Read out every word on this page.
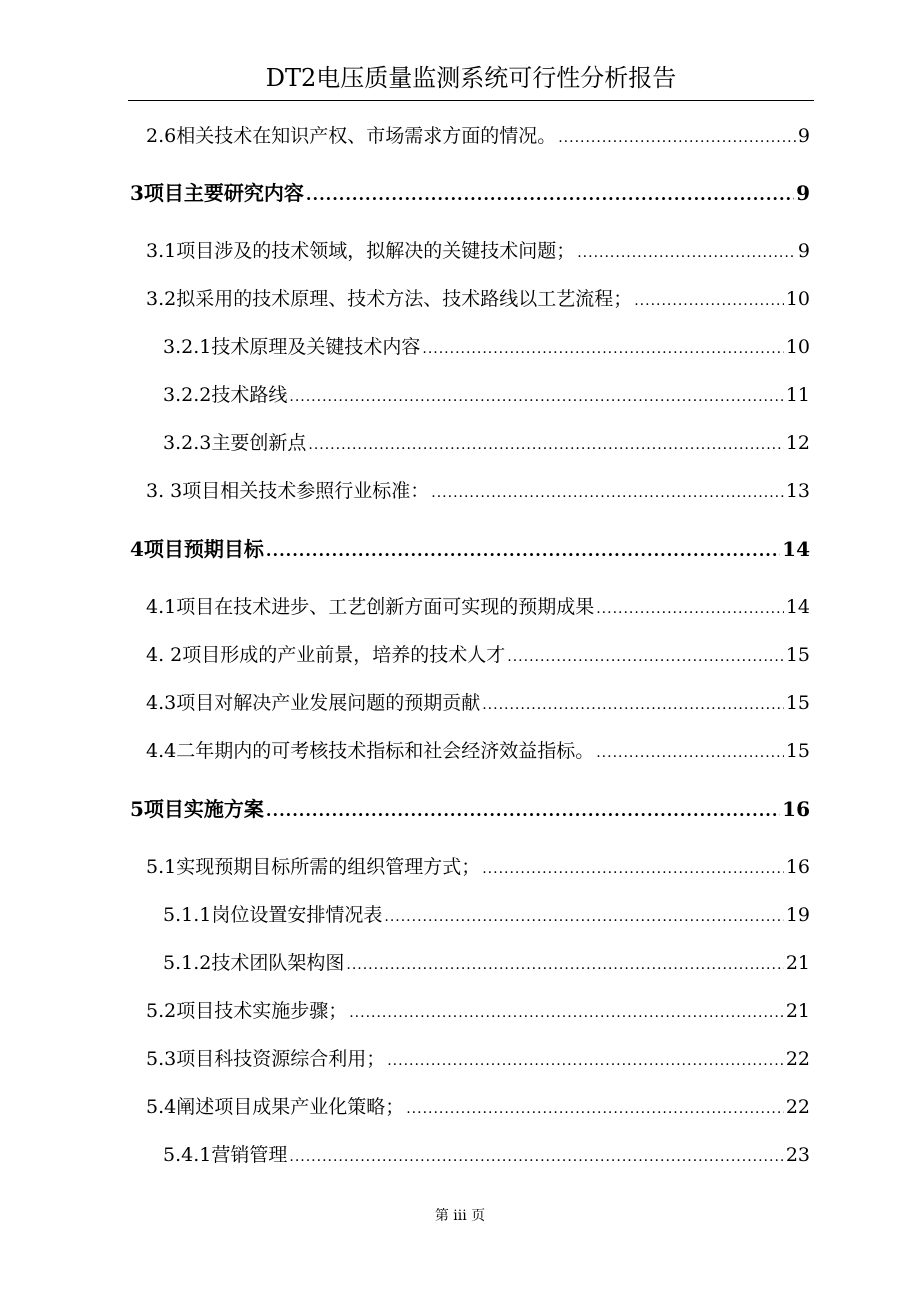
DT2电压质量监测系统可行性分析报告
2.6 相关技术在知识产权、市场需求方面的情况。 .....	9
3 项目主要研究内容 .....	9
3.1 项目涉及的技术领域，拟解决的关键技术问题； .....	9
3.2 拟采用的技术原理、技术方法、技术路线以工艺流程； .....	10
3.2.1 技术原理及关键技术内容 .....	10
3.2.2 技术路线 .....	11
3.2.3 主要创新点 .....	12
3. 3 项目相关技术参照行业标准： .....	13
4 项目预期目标 .....	14
4.1 项目在技术进步、工艺创新方面可实现的预期成果 .....	14
4. 2 项目形成的产业前景，培养的技术人才 .....	15
4.3 项目对解决产业发展问题的预期贡献 .....	15
4.4 二年期内的可考核技术指标和社会经济效益指标。 .....	15
5 项目实施方案 .....	16
5.1 实现预期目标所需的组织管理方式； .....	16
5.1.1 岗位设置安排情况表 .....	19
5.1.2 技术团队架构图 .....	21
5.2 项目技术实施步骤； .....	21
5.3 项目科技资源综合利用； .....	22
5.4 阐述项目成果产业化策略； .....	22
5.4.1 营销管理 .....	23
第 iii 页
